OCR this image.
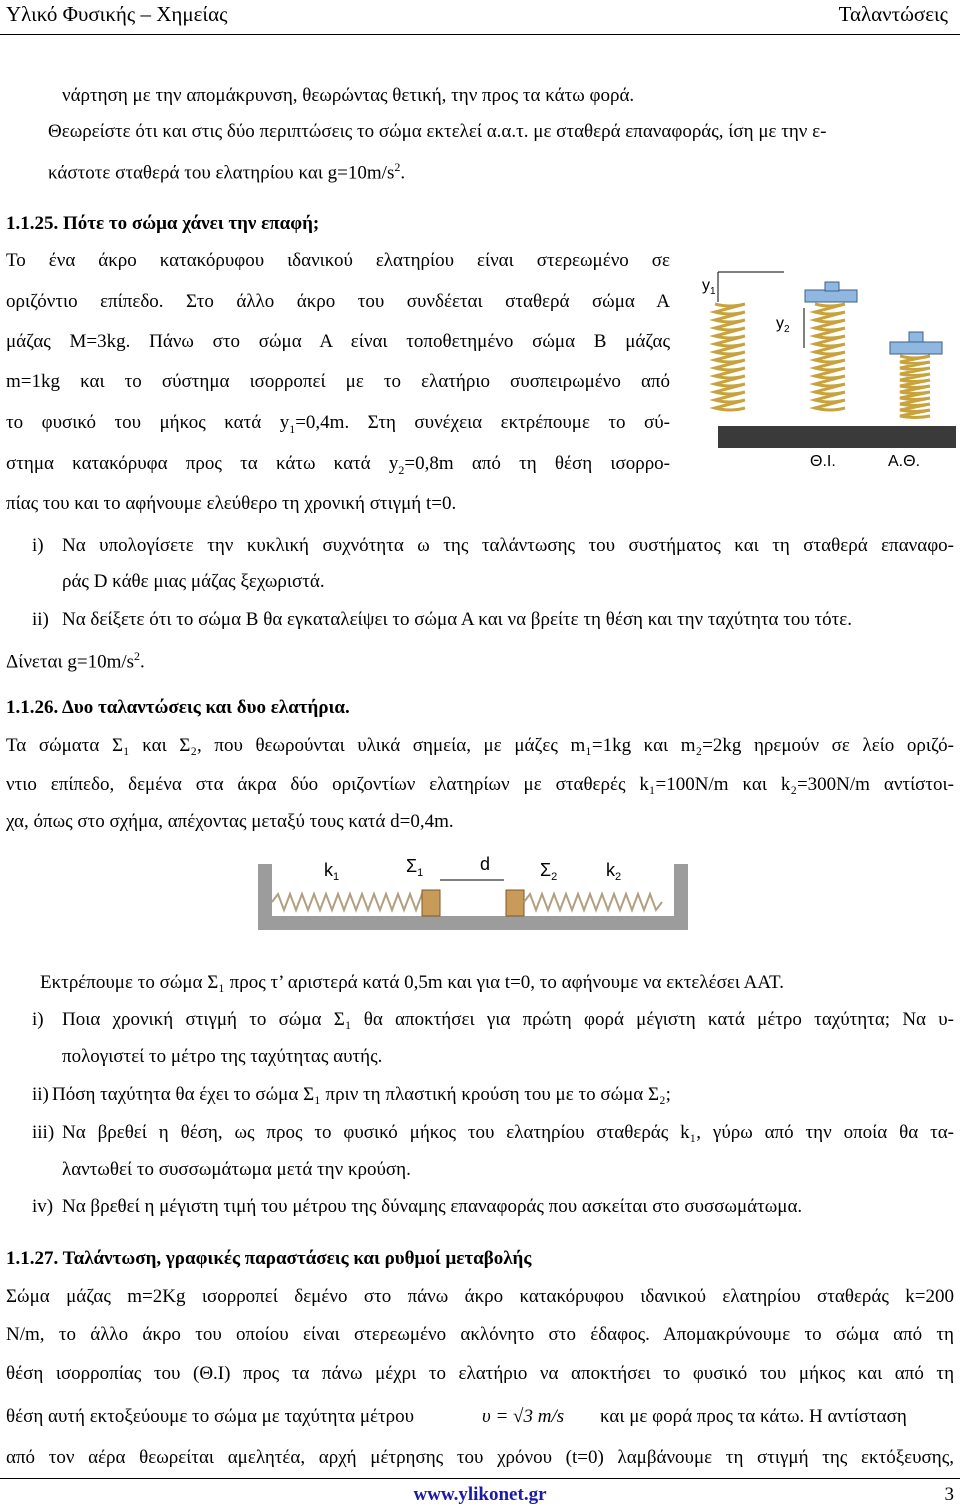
Υλικό Φυσικής – Χημείας	Ταλαντώσεις
νάρτηση με την απομάκρυνση, θεωρώντας θετική, την προς τα κάτω φορά.
Θεωρείστε ότι και στις δύο περιπτώσεις το σώμα εκτελεί α.α.τ. με σταθερά επαναφοράς, ίση με την ε-
κάστοτε σταθερά του ελατηρίου και $g=10m/s^2$.
1.1.25. Πότε το σώμα χάνει την επαφή;
Το ένα άκρο κατακόρυφου ιδανικού ελατηρίου είναι στερεωμένο σε
οριζόντιο επίπεδο. Στο άλλο άκρο του συνδέεται σταθερά σώμα Α
μάζας Μ=3kg. Πάνω στο σώμα Α είναι τοποθετημένο σώμα Β μάζας
m=1kg και το σύστημα ισορροπεί με το ελατήριο συσπειρωμένο από
το φυσικό του μήκος κατά $y_1=0,4m$. Στη συνέχεια εκτρέπουμε το σύ-
στημα κατακόρυφα προς τα κάτω κατά $y_2=0,8m$ από τη θέση ισορρο-
πίας του και το αφήνουμε ελεύθερο τη χρονική στιγμή t=0.
$y_1$
$y_2$
Θ.Ι.	Α.Θ.
i) Να υπολογίσετε την κυκλική συχνότητα ω της ταλάντωσης του συστήματος και τη σταθερά επαναφο-
ράς D κάθε μιας μάζας ξεχωριστά.
ii) Να δείξετε ότι το σώμα Β θα εγκαταλείψει το σώμα Α και να βρείτε τη θέση και την ταχύτητα του τότε.
Δίνεται $g=10m/s^2$.
1.1.26. Δυο ταλαντώσεις και δυο ελατήρια.
Τα σώματα Σ₁ και Σ₂, που θεωρούνται υλικά σημεία, με μάζες m₁=1kg και m₂=2kg ηρεμούν σε λείο οριζό-
ντιο επίπεδο, δεμένα στα άκρα δύο οριζοντίων ελατηρίων με σταθερές k₁=100N/m και k₂=300N/m αντίστοι-
χα, όπως στο σχήμα, απέχοντας μεταξύ τους κατά d=0,4m.
$k_1$
$\Sigma_1$	d	$\Sigma_2$	$k_2$
Εκτρέπουμε το σώμα Σ₁ προς τ’ αριστερά κατά 0,5m και για t=0, το αφήνουμε να εκτελέσει ΑΑΤ.
i) Ποια χρονική στιγμή το σώμα Σ₁ θα αποκτήσει για πρώτη φορά μέγιστη κατά μέτρο ταχύτητα; Να υ-
πολογιστεί το μέτρο της ταχύτητας αυτής.
ii) Πόση ταχύτητα θα έχει το σώμα Σ₁ πριν τη πλαστική κρούση του με το σώμα Σ₂;
iii) Να βρεθεί η θέση, ως προς το φυσικό μήκος του ελατηρίου σταθεράς k₁, γύρω από την οποία θα τα-
λαντωθεί το συσσωμάτωμα μετά την κρούση.
iv) Να βρεθεί η μέγιστη τιμή του μέτρου της δύναμης επαναφοράς που ασκείται στο συσσωμάτωμα.
1.1.27. Ταλάντωση, γραφικές παραστάσεις και ρυθμοί μεταβολής
Σώμα μάζας m=2Kg ισορροπεί δεμένο στο πάνω άκρο κατακόρυφου ιδανικού ελατηρίου σταθεράς k=200
N/m, το άλλο άκρο του οποίου είναι στερεωμένο ακλόνητο στο έδαφος. Απομακρύνουμε το σώμα από τη
θέση ισορροπίας του (Θ.Ι) προς τα πάνω μέχρι το ελατήριο να αποκτήσει το φυσικό του μήκος και από τη
θέση αυτή εκτοξεύουμε το σώμα με ταχύτητα μέτρου	υ = √3 m/s και με φορά προς τα κάτω. Η αντίσταση
από τον αέρα θεωρείται αμελητέα, αρχή μέτρησης του χρόνου (t=0) λαμβάνουμε τη στιγμή της εκτόξευσης,
www.ylikonet.gr	3
